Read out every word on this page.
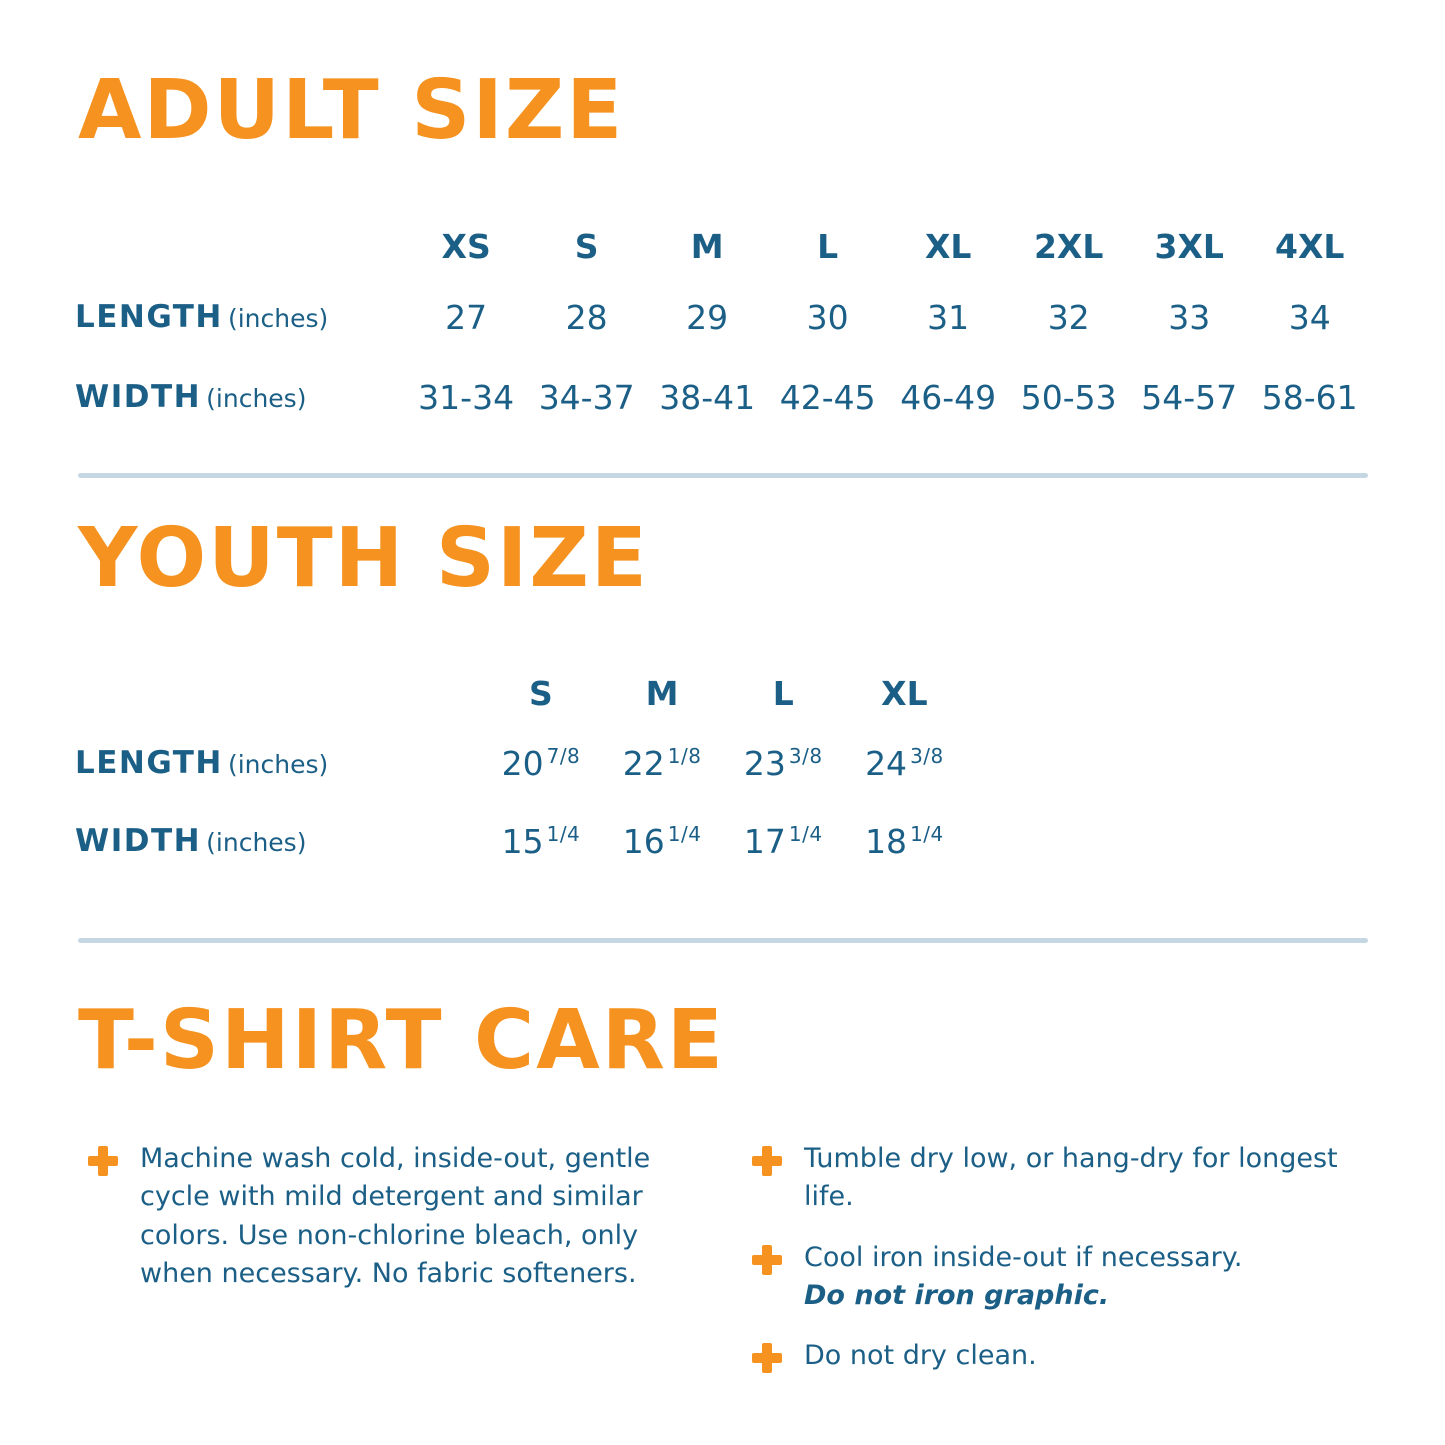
ADULT SIZE
	XS	S	M	L	XL	2XL	3XL	4XL
LENGTH (inches)	27	28	29	30	31	32	33	34
WIDTH (inches)	31-34	34-37	38-41	42-45	46-49	50-53	54-57	58-61
YOUTH SIZE
	S	M	L	XL
LENGTH (inches)	20 $^{7/8}$	22 $^{1/8}$	23 $^{3/8}$	24 $^{3/8}$
WIDTH (inches)	15 $^{1/4}$	16 $^{1/4}$	17 $^{1/4}$	18 $^{1/4}$
T-SHIRT CARE
Machine wash cold, inside-out, gentle cycle with mild detergent and similar colors. Use non-chlorine bleach, only when necessary. No fabric softeners.
Tumble dry low, or hang-dry for longest life.
Cool iron inside-out if necessary.
Do not iron graphic.
Do not dry clean.
